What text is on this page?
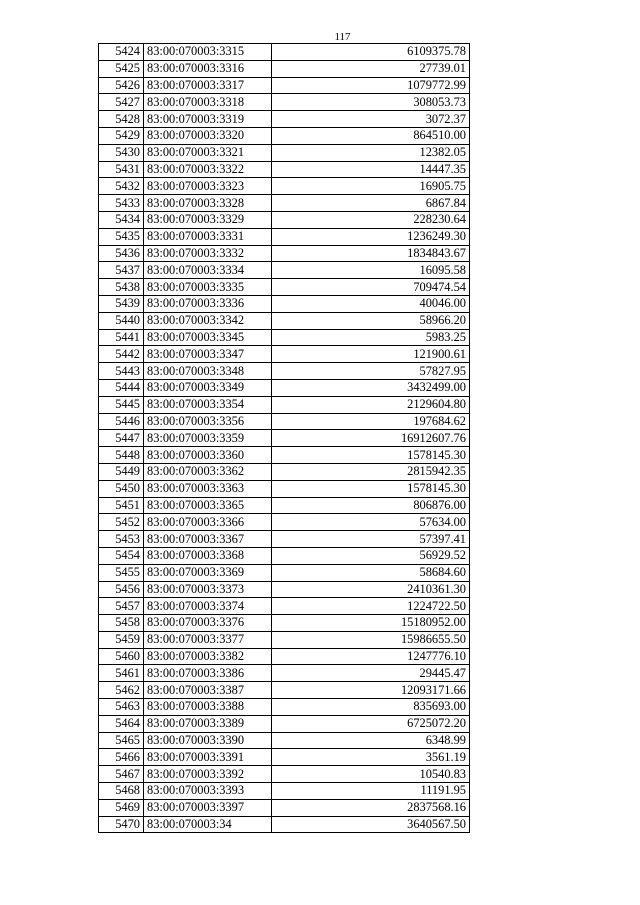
117
5424	83:00:070003:3315	6109375.78
5425	83:00:070003:3316	27739.01
5426	83:00:070003:3317	1079772.99
5427	83:00:070003:3318	308053.73
5428	83:00:070003:3319	3072.37
5429	83:00:070003:3320	864510.00
5430	83:00:070003:3321	12382.05
5431	83:00:070003:3322	14447.35
5432	83:00:070003:3323	16905.75
5433	83:00:070003:3328	6867.84
5434	83:00:070003:3329	228230.64
5435	83:00:070003:3331	1236249.30
5436	83:00:070003:3332	1834843.67
5437	83:00:070003:3334	16095.58
5438	83:00:070003:3335	709474.54
5439	83:00:070003:3336	40046.00
5440	83:00:070003:3342	58966.20
5441	83:00:070003:3345	5983.25
5442	83:00:070003:3347	121900.61
5443	83:00:070003:3348	57827.95
5444	83:00:070003:3349	3432499.00
5445	83:00:070003:3354	2129604.80
5446	83:00:070003:3356	197684.62
5447	83:00:070003:3359	16912607.76
5448	83:00:070003:3360	1578145.30
5449	83:00:070003:3362	2815942.35
5450	83:00:070003:3363	1578145.30
5451	83:00:070003:3365	806876.00
5452	83:00:070003:3366	57634.00
5453	83:00:070003:3367	57397.41
5454	83:00:070003:3368	56929.52
5455	83:00:070003:3369	58684.60
5456	83:00:070003:3373	2410361.30
5457	83:00:070003:3374	1224722.50
5458	83:00:070003:3376	15180952.00
5459	83:00:070003:3377	15986655.50
5460	83:00:070003:3382	1247776.10
5461	83:00:070003:3386	29445.47
5462	83:00:070003:3387	12093171.66
5463	83:00:070003:3388	835693.00
5464	83:00:070003:3389	6725072.20
5465	83:00:070003:3390	6348.99
5466	83:00:070003:3391	3561.19
5467	83:00:070003:3392	10540.83
5468	83:00:070003:3393	11191.95
5469	83:00:070003:3397	2837568.16
5470	83:00:070003:34	3640567.50
